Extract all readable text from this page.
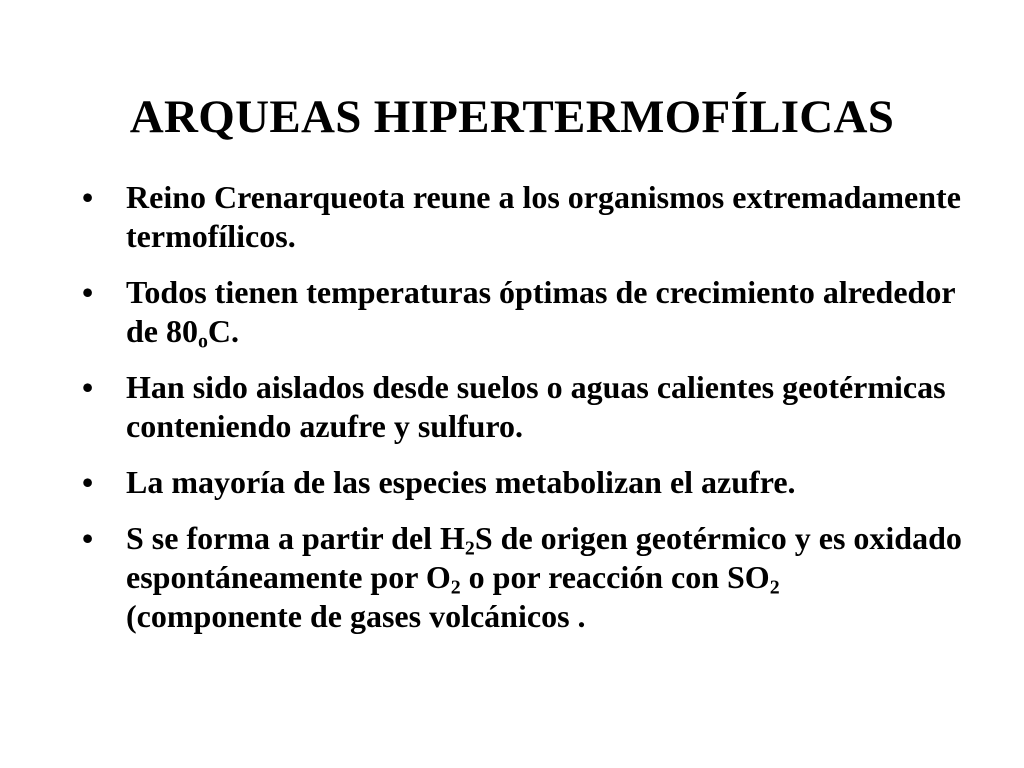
ARQUEAS HIPERTERMOFÍLICAS
•	Reino Crenarqueota reune a los organismos extremadamente termofílicos.
•	Todos tienen temperaturas óptimas de crecimiento alrededor de $80_oC$.
•	Han sido aislados desde suelos o aguas calientes geotérmicas conteniendo azufre y sulfuro.
•	La mayoría de las especies metabolizan el azufre.
•	S se forma a partir del $H_2S$ de origen geotérmico y es oxidado espontáneamente por $O_2$ o por reacción con $SO_2$ (componente de gases volcánicos .
